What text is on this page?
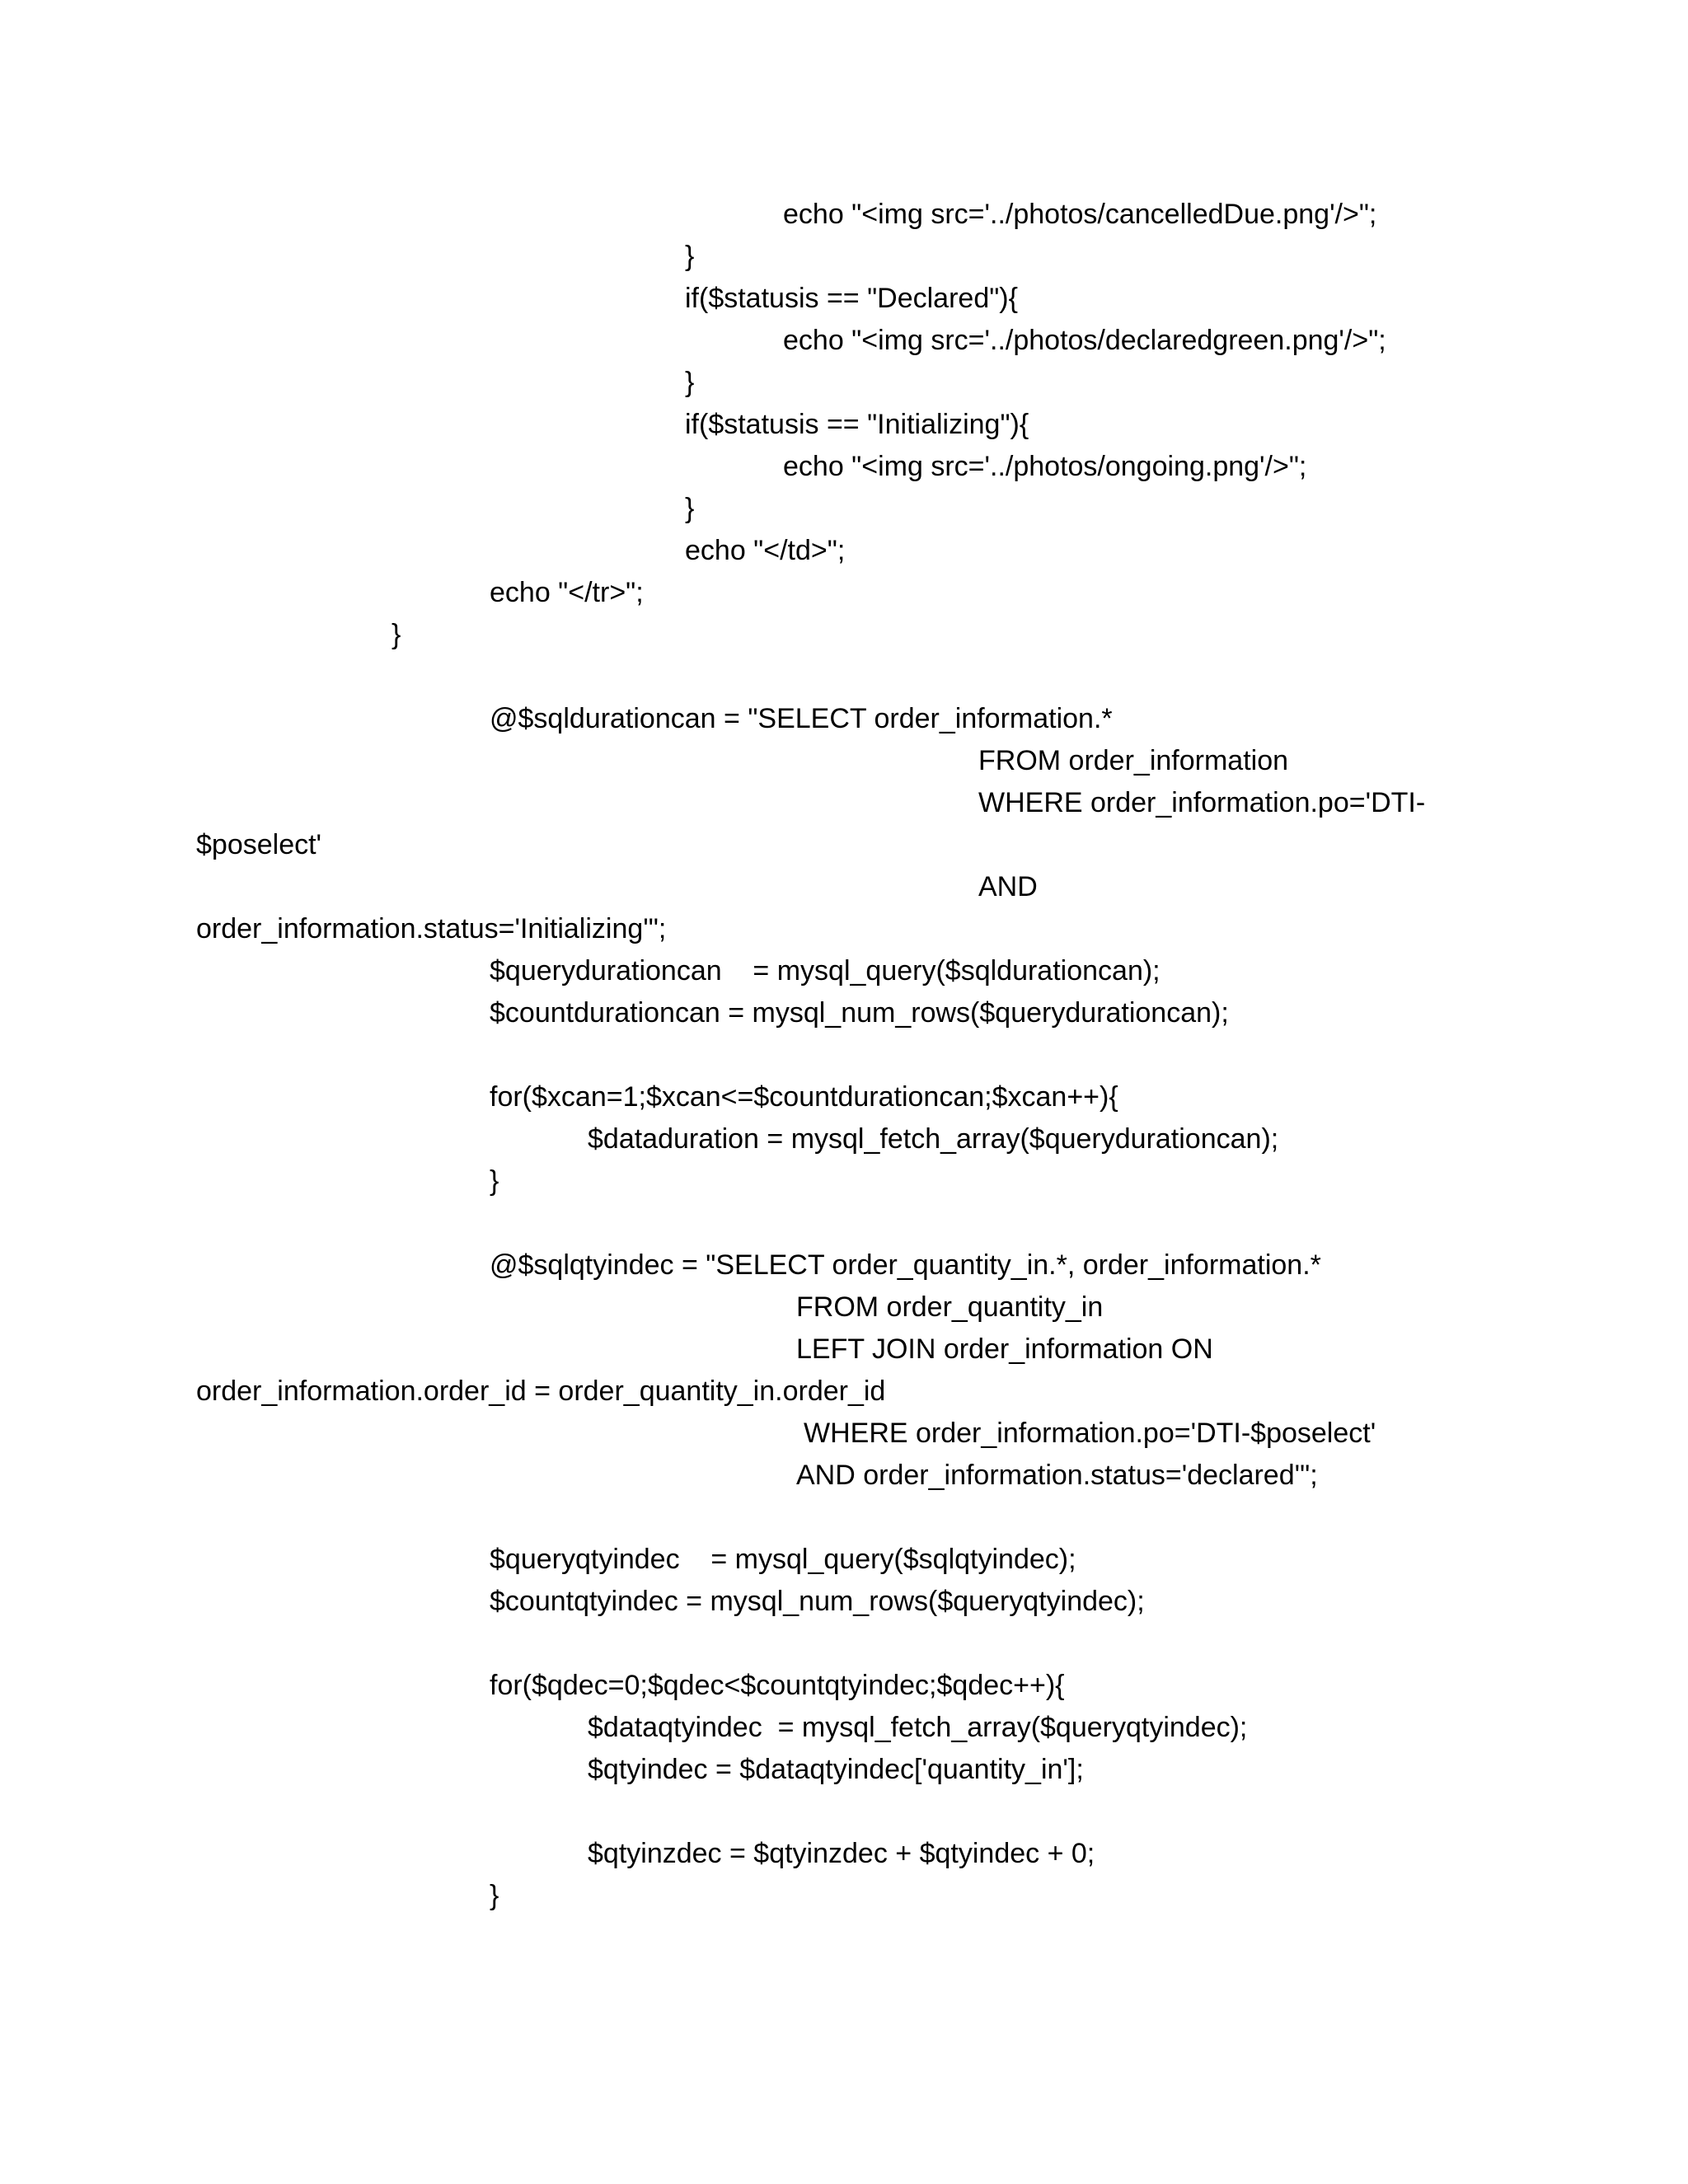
echo "<img src='../photos/cancelledDue.png'/>";
}
if($statusis == "Declared"){
echo "<img src='../photos/declaredgreen.png'/>";
}
if($statusis == "Initializing"){
echo "<img src='../photos/ongoing.png'/>";
}
echo "</td>";
echo "</tr>";
}
@$sqldurationcan = "SELECT order_information.*
FROM order_information
WHERE order_information.po='DTI-
$poselect'
AND
order_information.status='Initializing'";
$querydurationcan    = mysql_query($sqldurationcan);
$countdurationcan = mysql_num_rows($querydurationcan);
for($xcan=1;$xcan<=$countdurationcan;$xcan++){
$dataduration = mysql_fetch_array($querydurationcan);
}
@$sqlqtyindec = "SELECT order_quantity_in.*, order_information.*
FROM order_quantity_in
LEFT JOIN order_information ON
order_information.order_id = order_quantity_in.order_id
WHERE order_information.po='DTI-$poselect'
AND order_information.status='declared'";
$queryqtyindec    = mysql_query($sqlqtyindec);
$countqtyindec = mysql_num_rows($queryqtyindec);
for($qdec=0;$qdec<$countqtyindec;$qdec++){
$dataqtyindec  = mysql_fetch_array($queryqtyindec);
$qtyindec = $dataqtyindec['quantity_in'];
$qtyinzdec = $qtyinzdec + $qtyindec + 0;
}
